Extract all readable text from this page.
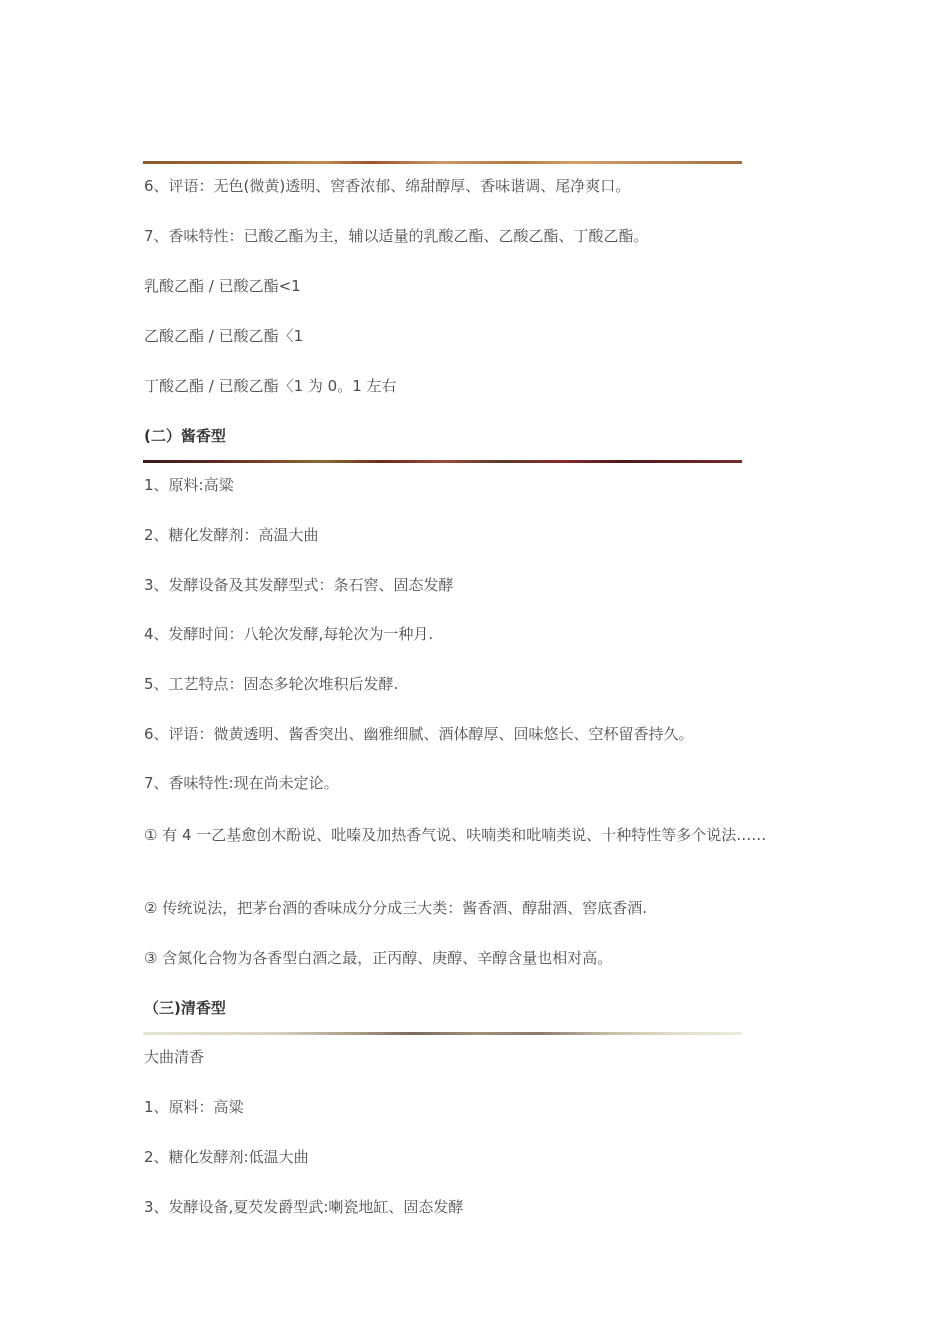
6、评语：无色(微黄)透明、窖香浓郁、绵甜醇厚、香味谐调、尾净爽口。
7、香味特性：已酸乙酯为主，辅以适量的乳酸乙酯、乙酸乙酯、丁酸乙酯。
乳酸乙酯 / 已酸乙酯<1
乙酸乙酯 / 已酸乙酯〈1
丁酸乙酯 / 已酸乙酯〈1 为 0。1 左右
(二）酱香型
1、原料:高粱
2、糖化发酵剂：高温大曲
3、发酵设备及其发酵型式：条石窖、固态发酵
4、发酵时间：八轮次发酵,每轮次为一种月.
5、工艺特点：固态多轮次堆积后发酵.
6、评语：微黄透明、酱香突出、幽雅细腻、酒体醇厚、回味悠长、空杯留香持久。
7、香味特性:现在尚未定论。
① 有 4 一乙基愈创木酚说、吡嗪及加热香气说、呋喃类和吡喃类说、十种特性等多个说法……
② 传统说法，把茅台酒的香味成分分成三大类：酱香酒、醇甜酒、窖底香酒.
③ 含氮化合物为各香型白酒之最，正丙醇、庚醇、辛醇含量也相对高。
（三)清香型
大曲清香
1、原料：高粱
2、糖化发酵剂:低温大曲
3、发酵设备,夏芡发爵型武:喇瓷地缸、固态发酵
